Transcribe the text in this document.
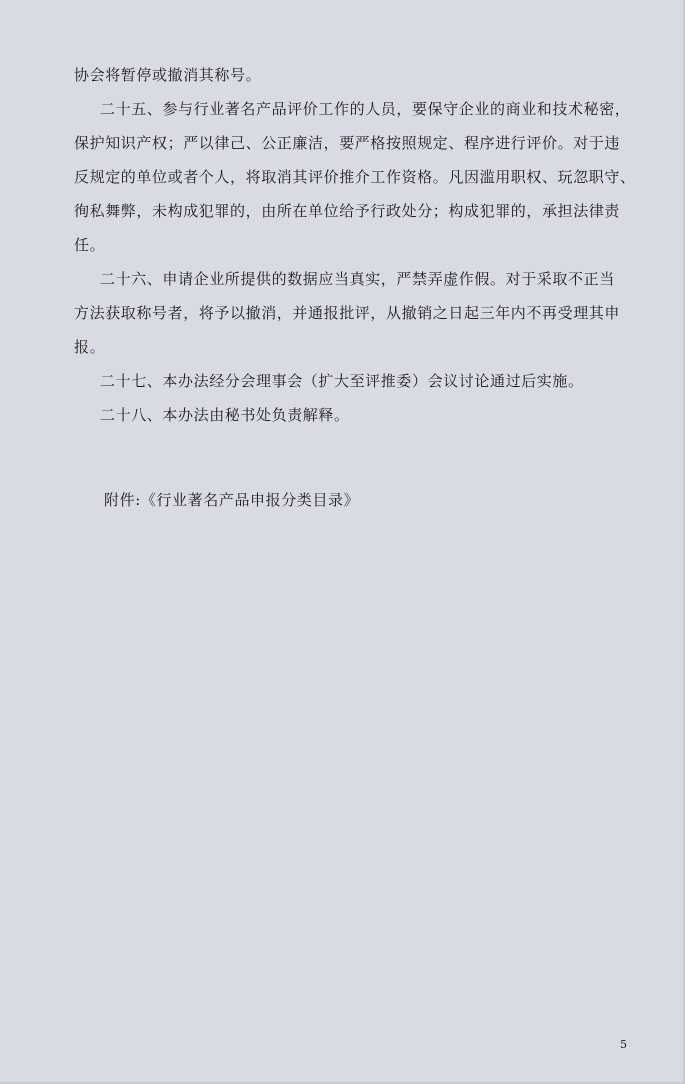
协会将暂停或撤消其称号。
二十五、参与行业著名产品评价工作的人员，要保守企业的商业和技术秘密，
保护知识产权；严以律己、公正廉洁，要严格按照规定、程序进行评价。对于违
反规定的单位或者个人，将取消其评价推介工作资格。凡因滥用职权、玩忽职守、
徇私舞弊，未构成犯罪的，由所在单位给予行政处分；构成犯罪的，承担法律责
任。
二十六、申请企业所提供的数据应当真实，严禁弄虚作假。对于采取不正当
方法获取称号者，将予以撤消，并通报批评，从撤销之日起三年内不再受理其申
报。
二十七、本办法经分会理事会（扩大至评推委）会议讨论通过后实施。
二十八、本办法由秘书处负责解释。
附件:《行业著名产品申报分类目录》
5
